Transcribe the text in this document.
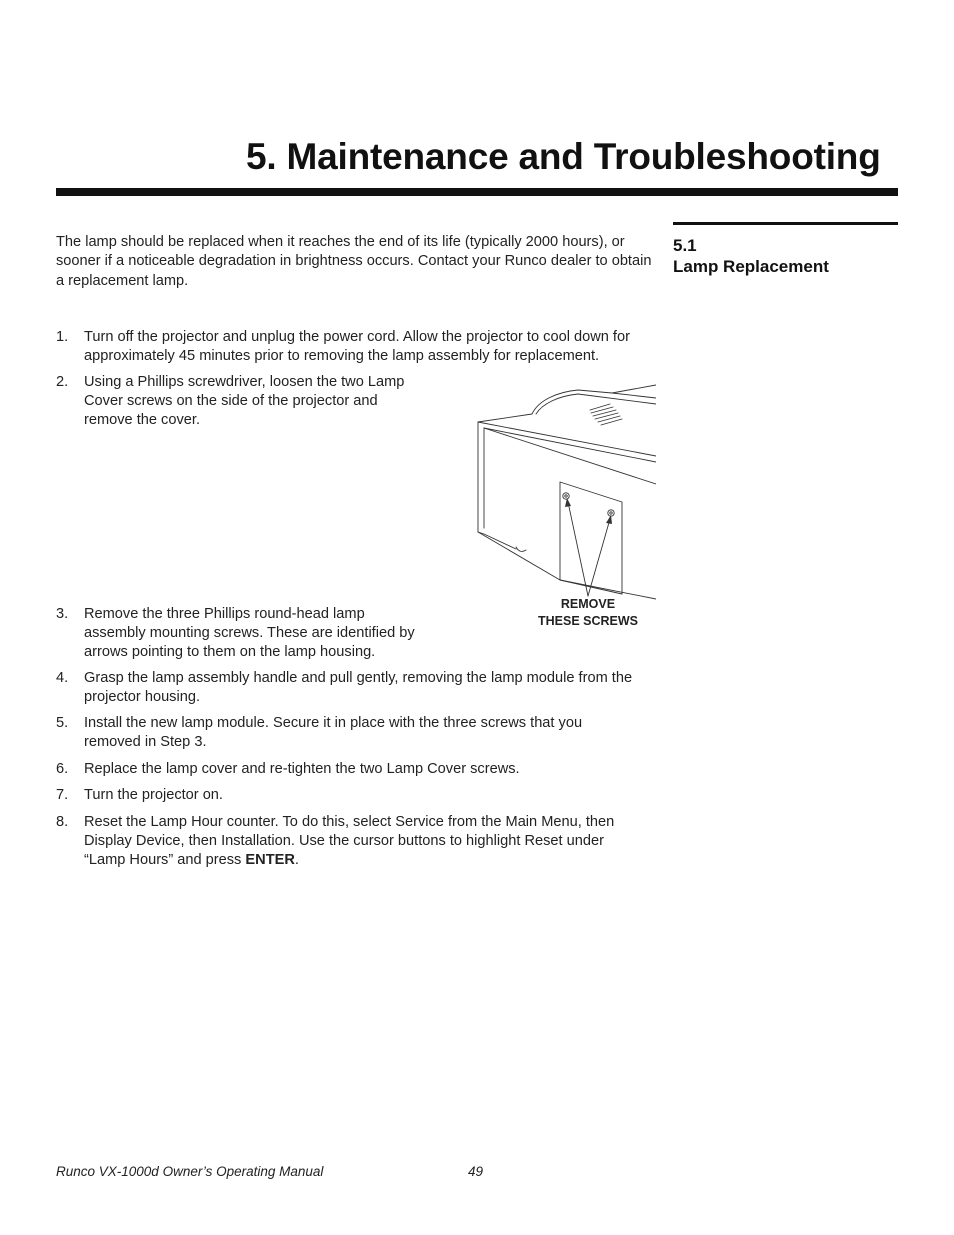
5. Maintenance and Troubleshooting
5.1
Lamp Replacement

The lamp should be replaced when it reaches the end of its life (typically 2000 hours), or sooner if a noticeable degradation in brightness occurs. Contact your Runco dealer to obtain a replacement lamp.

1.	Turn off the projector and unplug the power cord. Allow the projector to cool down for
approximately 45 minutes prior to removing the lamp assembly for replacement.
2.	Using a Phillips screwdriver, loosen the two Lamp
Cover screws on the side of the projector and
remove the cover.
REMOVE
THESE SCREWS
3.	Remove the three Phillips round-head lamp
assembly mounting screws. These are identified by
arrows pointing to them on the lamp housing.
4.	Grasp the lamp assembly handle and pull gently, removing the lamp module from the
projector housing.
5.	Install the new lamp module. Secure it in place with the three screws that you
removed in Step 3.
6.	Replace the lamp cover and re-tighten the two Lamp Cover screws.
7.	Turn the projector on.
8.	Reset the Lamp Hour counter. To do this, select Service from the Main Menu, then
Display Device, then Installation. Use the cursor buttons to highlight Reset under
“Lamp Hours” and press ENTER.
Runco VX-1000d Owner’s Operating Manual	49
